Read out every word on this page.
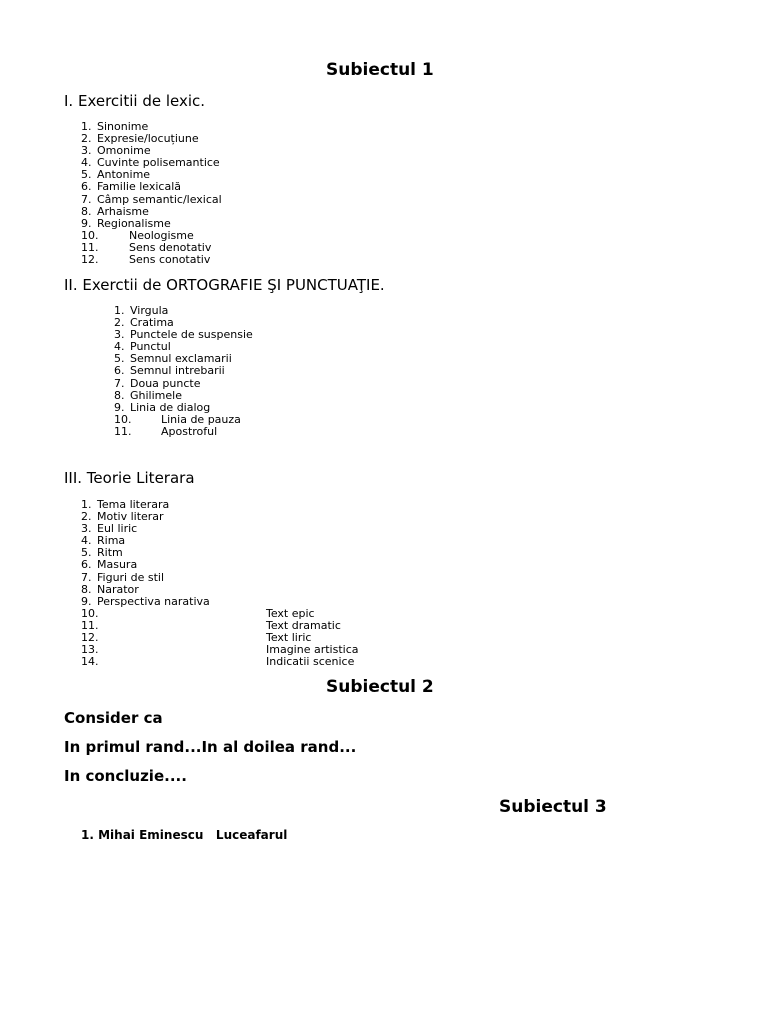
Subiectul 1
I. Exercitii de lexic.
1. Sinonime
2. Expresie/locuțiune
3. Omonime
4. Cuvinte polisemantice
5. Antonime
6. Familie lexicală
7. Câmp semantic/lexical
8. Arhaisme
9. Regionalisme
10.	Neologisme
11.	Sens denotativ
12.	Sens conotativ
II. Exerctii de ORTOGRAFIE ŞI PUNCTUAŢIE.
1. Virgula
2. Cratima
3. Punctele de suspensie
4. Punctul
5. Semnul exclamarii
6. Semnul intrebarii
7. Doua puncte
8. Ghilimele
9. Linia de dialog
10.	Linia de pauza
11.	Apostroful
III. Teorie Literara
1. Tema literara
2. Motiv literar
3. Eul liric
4. Rima
5. Ritm
6. Masura
7. Figuri de stil
8. Narator
9. Perspectiva narativa
10.	Text epic
11.	Text dramatic
12.	Text liric
13.	Imagine artistica
14.	Indicatii scenice
Subiectul 2
Consider ca
In primul rand...In al doilea rand...
In concluzie....
Subiectul 3
1. Mihai Eminescu   Luceafarul
